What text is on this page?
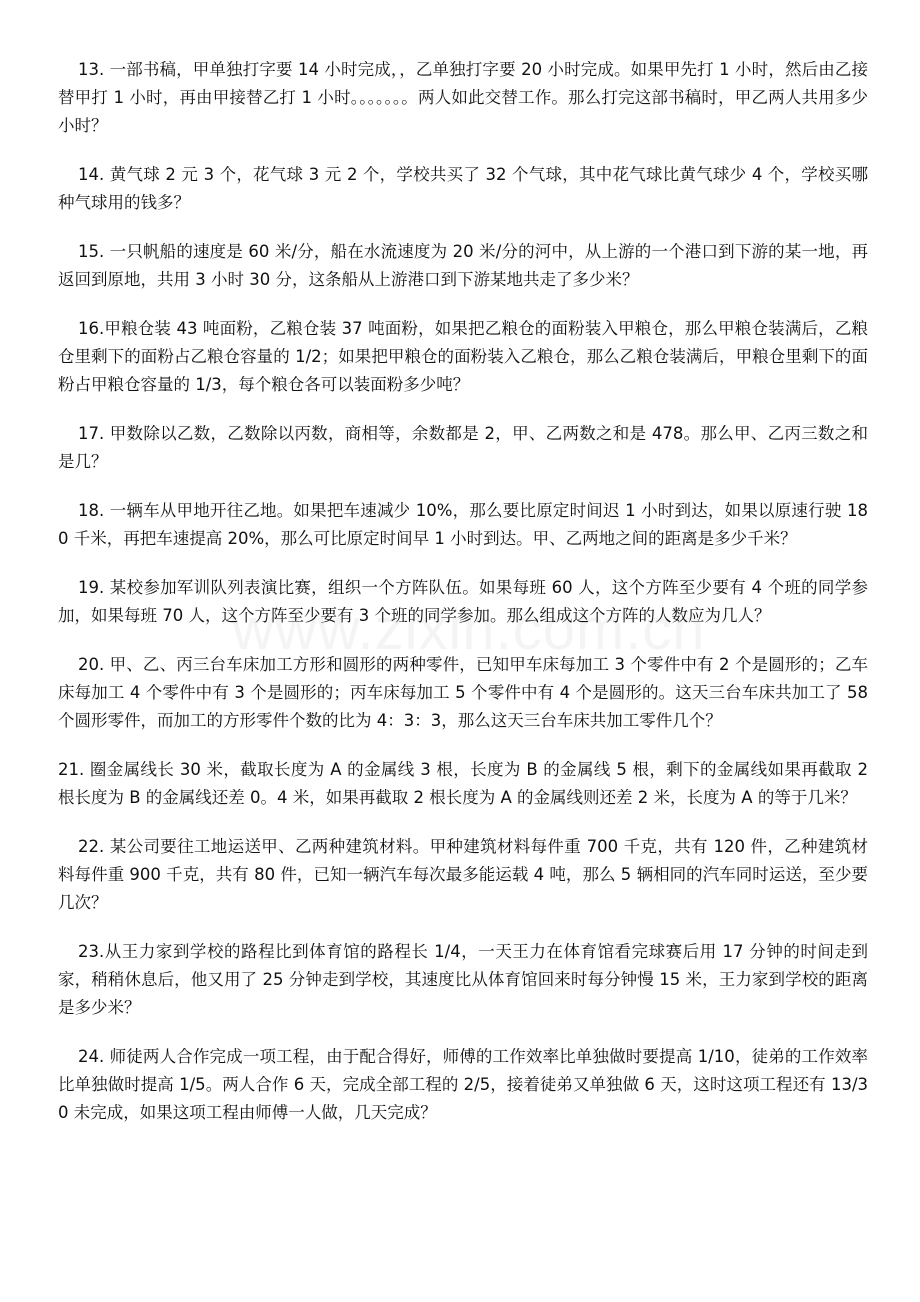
13. 一部书稿，甲单独打字要 14 小时完成，，乙单独打字要 20 小时完成。如果甲先打 1 小时，然后由乙接替甲打 1 小时，再由甲接替乙打 1 小时。。。。。。。两人如此交替工作。那么打完这部书稿时，甲乙两人共用多少小时？

14. 黄气球 2 元 3 个，花气球 3 元 2 个，学校共买了 32 个气球，其中花气球比黄气球少 4 个，学校买哪种气球用的钱多？

15. 一只帆船的速度是 60 米/分，船在水流速度为 20 米/分的河中，从上游的一个港口到下游的某一地，再返回到原地，共用 3 小时 30 分，这条船从上游港口到下游某地共走了多少米？

16.甲粮仓装 43 吨面粉，乙粮仓装 37 吨面粉，如果把乙粮仓的面粉装入甲粮仓，那么甲粮仓装满后，乙粮仓里剩下的面粉占乙粮仓容量的 1/2；如果把甲粮仓的面粉装入乙粮仓，那么乙粮仓装满后，甲粮仓里剩下的面粉占甲粮仓容量的 1/3，每个粮仓各可以装面粉多少吨？

17. 甲数除以乙数，乙数除以丙数，商相等，余数都是 2，甲、乙两数之和是 478。那么甲、乙丙三数之和是几？

18. 一辆车从甲地开往乙地。如果把车速减少 10%，那么要比原定时间迟 1 小时到达，如果以原速行驶 180 千米，再把车速提高 20%，那么可比原定时间早 1 小时到达。甲、乙两地之间的距离是多少千米？

19. 某校参加军训队列表演比赛，组织一个方阵队伍。如果每班 60 人，这个方阵至少要有 4 个班的同学参加，如果每班 70 人，这个方阵至少要有 3 个班的同学参加。那么组成这个方阵的人数应为几人？

20. 甲、乙、丙三台车床加工方形和圆形的两种零件，已知甲车床每加工 3 个零件中有 2 个是圆形的；乙车床每加工 4 个零件中有 3 个是圆形的；丙车床每加工 5 个零件中有 4 个是圆形的。这天三台车床共加工了 58 个圆形零件，而加工的方形零件个数的比为 4：3：3，那么这天三台车床共加工零件几个？

21. 圈金属线长 30 米，截取长度为 A 的金属线 3 根，长度为 B 的金属线 5 根，剩下的金属线如果再截取 2 根长度为 B 的金属线还差 0。4 米，如果再截取 2 根长度为 A 的金属线则还差 2 米，长度为 A 的等于几米？

22. 某公司要往工地运送甲、乙两种建筑材料。甲种建筑材料每件重 700 千克，共有 120 件，乙种建筑材料每件重 900 千克，共有 80 件，已知一辆汽车每次最多能运载 4 吨，那么 5 辆相同的汽车同时运送，至少要几次？

23.从王力家到学校的路程比到体育馆的路程长 1/4，一天王力在体育馆看完球赛后用 17 分钟的时间走到家，稍稍休息后，他又用了 25 分钟走到学校，其速度比从体育馆回来时每分钟慢 15 米，王力家到学校的距离是多少米？

24. 师徒两人合作完成一项工程，由于配合得好，师傅的工作效率比单独做时要提高 1/10，徒弟的工作效率比单独做时提高 1/5。两人合作 6 天，完成全部工程的 2/5，接着徒弟又单独做 6 天，这时这项工程还有 13/30 未完成，如果这项工程由师傅一人做，几天完成？
